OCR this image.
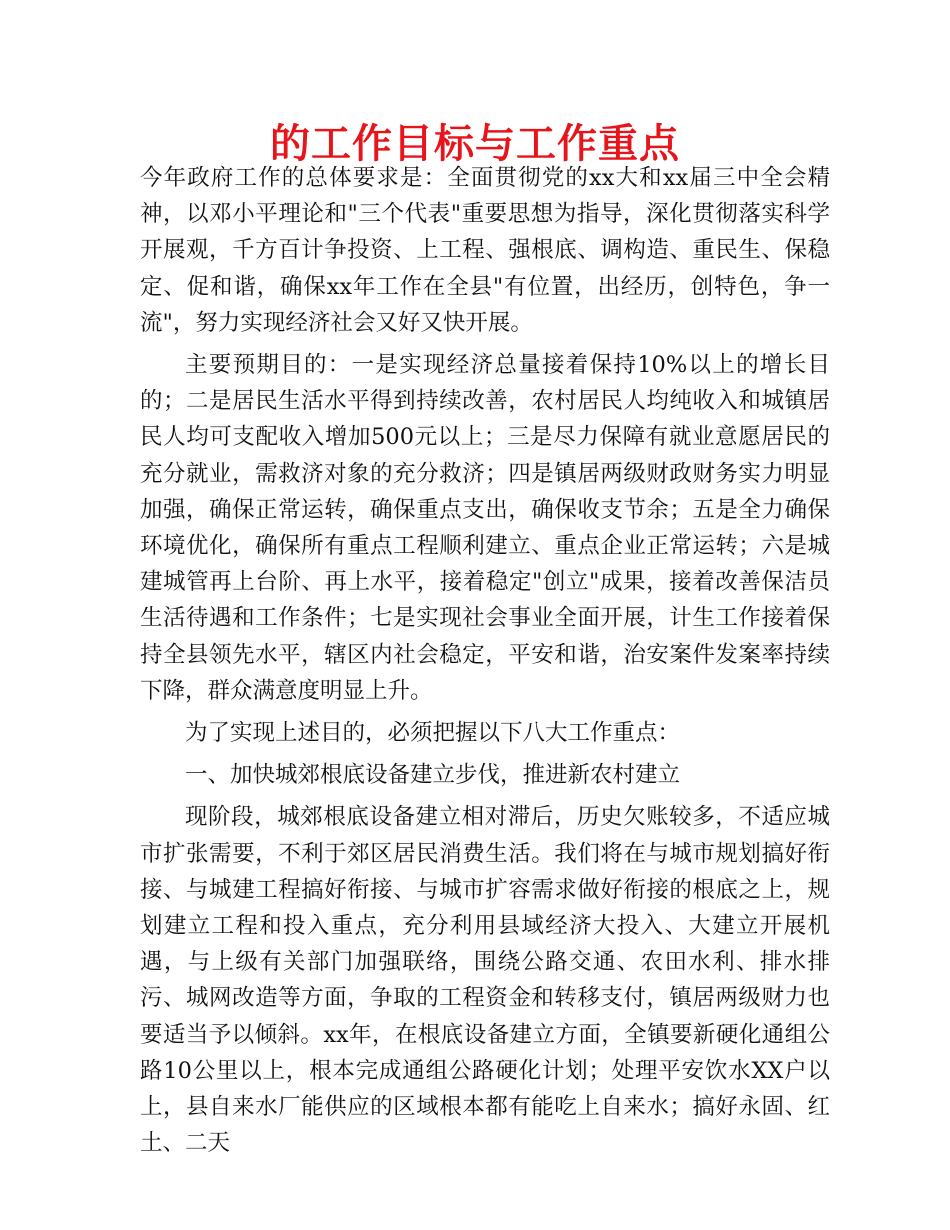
的工作目标与工作重点

今年政府工作的总体要求是：全面贯彻党的xx大和xx届三中全会精神，以邓小平理论和"三个代表"重要思想为指导，深化贯彻落实科学开展观，千方百计争投资、上工程、强根底、调构造、重民生、保稳定、促和谐，确保xx年工作在全县"有位置，出经历，创特色，争一流"，努力实现经济社会又好又快开展。

主要预期目的：一是实现经济总量接着保持10%以上的增长目的；二是居民生活水平得到持续改善，农村居民人均纯收入和城镇居民人均可支配收入增加500元以上；三是尽力保障有就业意愿居民的充分就业，需救济对象的充分救济；四是镇居两级财政财务实力明显加强，确保正常运转，确保重点支出，确保收支节余；五是全力确保环境优化，确保所有重点工程顺利建立、重点企业正常运转；六是城建城管再上台阶、再上水平，接着稳定"创立"成果，接着改善保洁员生活待遇和工作条件；七是实现社会事业全面开展，计生工作接着保持全县领先水平，辖区内社会稳定，平安和谐，治安案件发案率持续下降，群众满意度明显上升。

为了实现上述目的，必须把握以下八大工作重点：

一、加快城郊根底设备建立步伐，推进新农村建立

现阶段，城郊根底设备建立相对滞后，历史欠账较多，不适应城市扩张需要，不利于郊区居民消费生活。我们将在与城市规划搞好衔接、与城建工程搞好衔接、与城市扩容需求做好衔接的根底之上，规划建立工程和投入重点，充分利用县域经济大投入、大建立开展机遇，与上级有关部门加强联络，围绕公路交通、农田水利、排水排污、城网改造等方面，争取的工程资金和转移支付，镇居两级财力也要适当予以倾斜。xx年，在根底设备建立方面，全镇要新硬化通组公路10公里以上，根本完成通组公路硬化计划；处理平安饮水XX户以上，县自来水厂能供应的区域根本都有能吃上自来水；搞好永固、红土、二天
